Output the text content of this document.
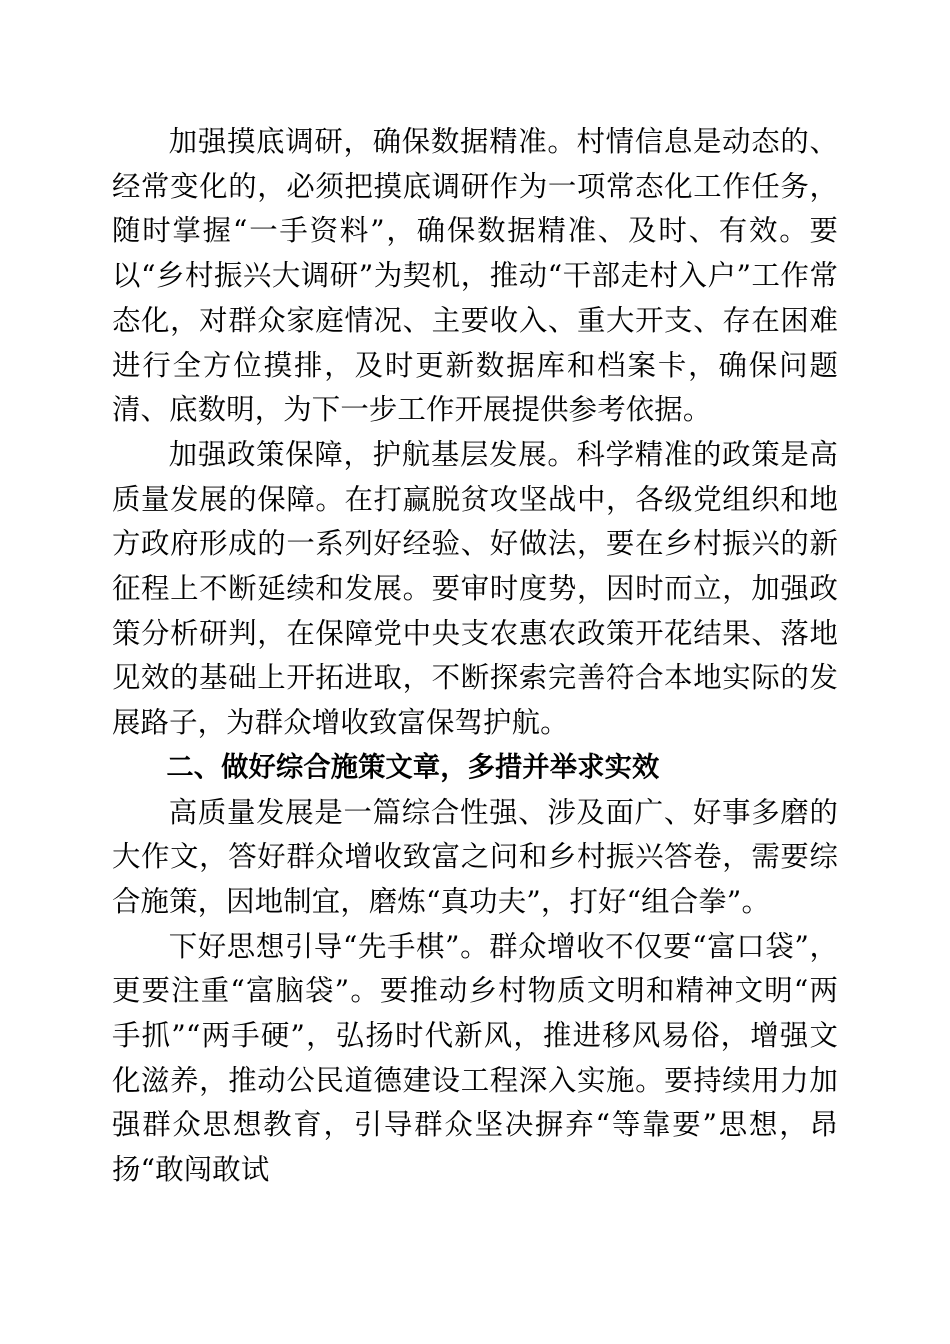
加强摸底调研，确保数据精准。村情信息是动态的、经常变化的，必须把摸底调研作为一项常态化工作任务，随时掌握“一手资料”，确保数据精准、及时、有效。要以“乡村振兴大调研”为契机，推动“干部走村入户”工作常态化，对群众家庭情况、主要收入、重大开支、存在困难进行全方位摸排，及时更新数据库和档案卡，确保问题清、底数明，为下一步工作开展提供参考依据。

加强政策保障，护航基层发展。科学精准的政策是高质量发展的保障。在打赢脱贫攻坚战中，各级党组织和地方政府形成的一系列好经验、好做法，要在乡村振兴的新征程上不断延续和发展。要审时度势，因时而立，加强政策分析研判，在保障党中央支农惠农政策开花结果、落地见效的基础上开拓进取，不断探索完善符合本地实际的发展路子，为群众增收致富保驾护航。

二、做好综合施策文章，多措并举求实效

高质量发展是一篇综合性强、涉及面广、好事多磨的大作文，答好群众增收致富之问和乡村振兴答卷，需要综合施策，因地制宜，磨炼“真功夫”，打好“组合拳”。

下好思想引导“先手棋”。群众增收不仅要“富口袋”，更要注重“富脑袋”。要推动乡村物质文明和精神文明“两手抓”“两手硬”，弘扬时代新风，推进移风易俗，增强文化滋养，推动公民道德建设工程深入实施。要持续用力加强群众思想教育，引导群众坚决摒弃“等靠要”思想，昂扬“敢闯敢试
